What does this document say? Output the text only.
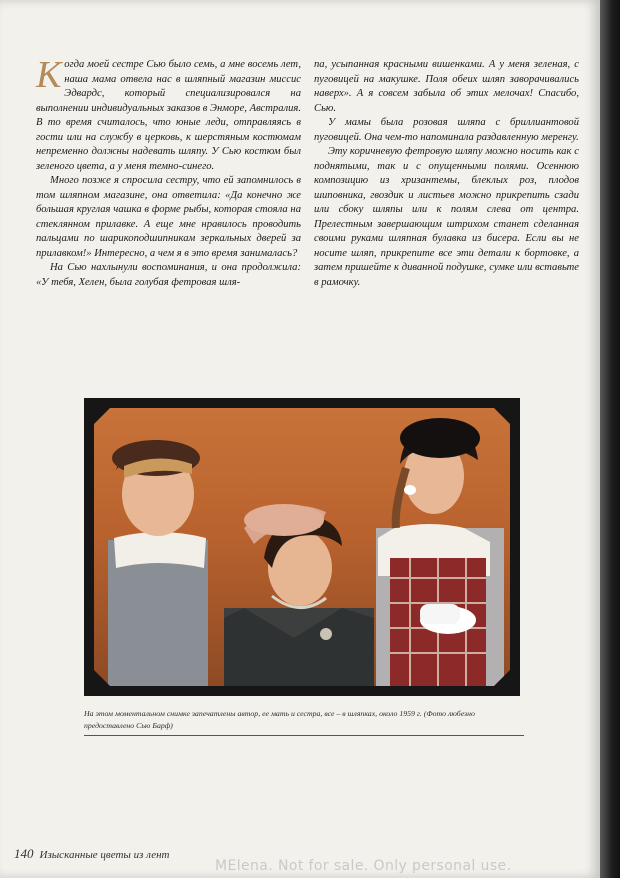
Когда моей сестре Сью было семь, а мне восемь лет, наша мама отвела нас в шляпный магазин миссис Эдвардс, который специализировался на выполнении индивидуальных заказов в Энморе, Австралия. В то время считалось, что юные леди, отправляясь в гости или на службу в церковь, к шерстяным костюмам непременно должны надевать шляпу. У Сью костюм был зеленого цвета, а у меня темно-синего.

Много позже я спросила сестру, что ей запомнилось в том шляпном магазине, она ответила: «Да конечно же большая круглая чашка в форме рыбы, которая стояла на стеклянном прилавке. А еще мне нравилось проводить пальцами по шарикоподшипникам зеркальных дверей за прилавком!» Интересно, а чем я в это время занималась?

На Сью нахлынули воспоминания, и она продолжила: «У тебя, Хелен, была голубая фетровая шля-

па, усыпанная красными вишенками. А у меня зеленая, с пуговицей на макушке. Поля обеих шляп заворачивались наверх». А я совсем забыла об этих мелочах! Спасибо, Сью.

У мамы была розовая шляпа с бриллиантовой пуговицей. Она чем-то напоминала раздавленную меренгу.

Эту коричневую фетровую шляпу можно носить как с поднятыми, так и с опущенными полями. Осеннюю композицию из хризантемы, блеклых роз, плодов шиповника, гвоздик и листьев можно прикрепить сзади или сбоку шляпы или к полям слева от центра. Прелестным завершающим штрихом станет сделанная своими руками шляпная булавка из бисера. Если вы не носите шляп, прикрепите все эти детали к бортовке, а затем пришейте к диванной подушке, сумке или вставьте в рамочку.

На этом моментальном снимке запечатлены автор, ее мать и сестра, все – в шляпках, около 1959 г. (Фото любезно предоставлено Сью Барф)
140 Изысканные цветы из лент
MElena. Not for sale. Only personal use.
